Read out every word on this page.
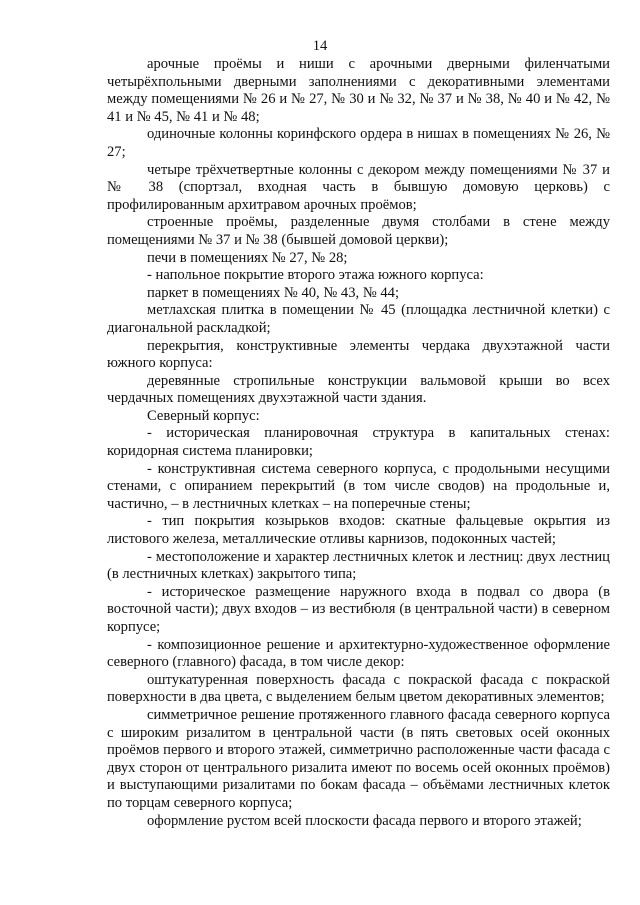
14

арочные проёмы и ниши с арочными дверными филенчатыми четырёхпольными дверными заполнениями с декоративными элементами между помещениями № 26 и № 27, № 30 и № 32, № 37 и № 38, № 40 и № 42, № 41 и № 45, № 41 и № 48;

одиночные колонны коринфского ордера в нишах в помещениях № 26, № 27;

четыре трёхчетвертные колонны с декором между помещениями № 37 и № 38 (спортзал, входная часть в бывшую домовую церковь) с профилированным архитравом арочных проёмов;

строенные проёмы, разделенные двумя столбами в стене между помещениями № 37 и № 38 (бывшей домовой церкви);

печи в помещениях № 27, № 28;

- напольное покрытие второго этажа южного корпуса:

паркет в помещениях № 40, № 43, № 44;

метлахская плитка в помещении № 45 (площадка лестничной клетки) с диагональной раскладкой;

перекрытия, конструктивные элементы чердака двухэтажной части южного корпуса:

деревянные стропильные конструкции вальмовой крыши во всех чердачных помещениях двухэтажной части здания.

Северный корпус:

- историческая планировочная структура в капитальных стенах: коридорная система планировки;

- конструктивная система северного корпуса, с продольными несущими стенами, с опиранием перекрытий (в том числе сводов) на продольные и, частично, – в лестничных клетках – на поперечные стены;

- тип покрытия козырьков входов: скатные фальцевые окрытия из листового железа, металлические отливы карнизов, подоконных частей;

- местоположение и характер лестничных клеток и лестниц: двух лестниц (в лестничных клетках) закрытого типа;

- историческое размещение наружного входа в подвал со двора (в восточной части); двух входов – из вестибюля (в центральной части) в северном корпусе;

- композиционное решение и архитектурно-художественное оформление северного (главного) фасада, в том числе декор:

оштукатуренная поверхность фасада с покраской фасада с покраской поверхности в два цвета, с выделением белым цветом декоративных элементов;

симметричное решение протяженного главного фасада северного корпуса с широким ризалитом в центральной части (в пять световых осей оконных проёмов первого и второго этажей, симметрично расположенные части фасада с двух сторон от центрального ризалита имеют по восемь осей оконных проёмов) и выступающими ризалитами по бокам фасада – объёмами лестничных клеток по торцам северного корпуса;

оформление рустом всей плоскости фасада первого и второго этажей;
